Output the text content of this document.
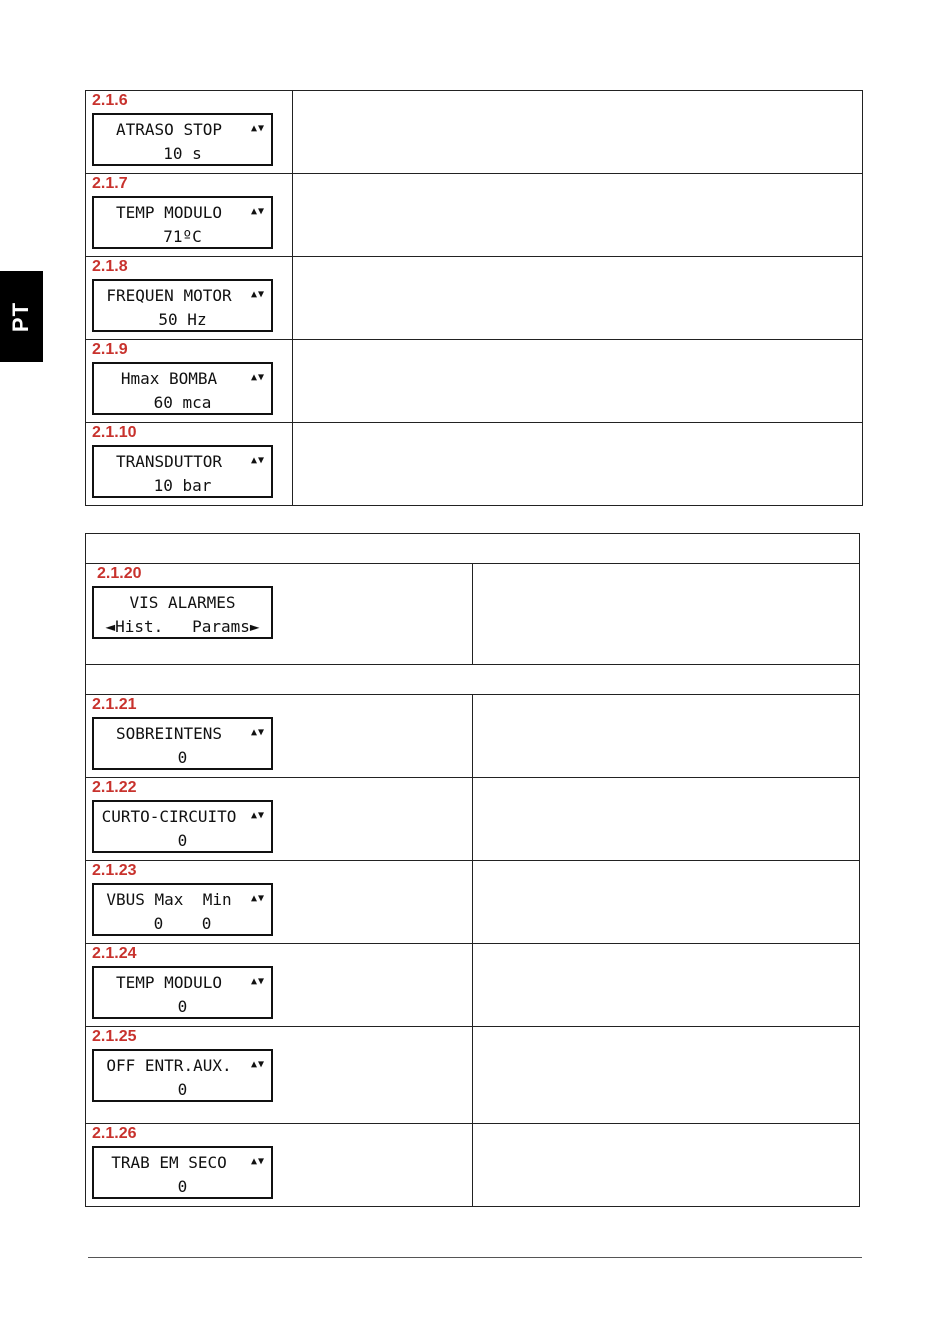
PT
2.1.6
ATRASO STOP ▲▼
10 s	

2.1.7
TEMP MODULO ▲▼
71ºC	

2.1.8
FREQUEN MOTOR ▲▼
50 Hz	

2.1.9
Hmax BOMBA ▲▼
60 mca	

2.1.10
TRANSDUTTOR ▲▼
10 bar	

2.1.20
VIS ALARMES
◄Hist.   Params►	

2.1.21
SOBREINTENS ▲▼
0	

2.1.22
CURTO-CIRCUITO ▲▼
0	

2.1.23
VBUS Max  Min ▲▼
0    0	

2.1.24
TEMP MODULO ▲▼
0	

2.1.25
OFF ENTR.AUX. ▲▼
0	

2.1.26
TRAB EM SECO ▲▼
0	
